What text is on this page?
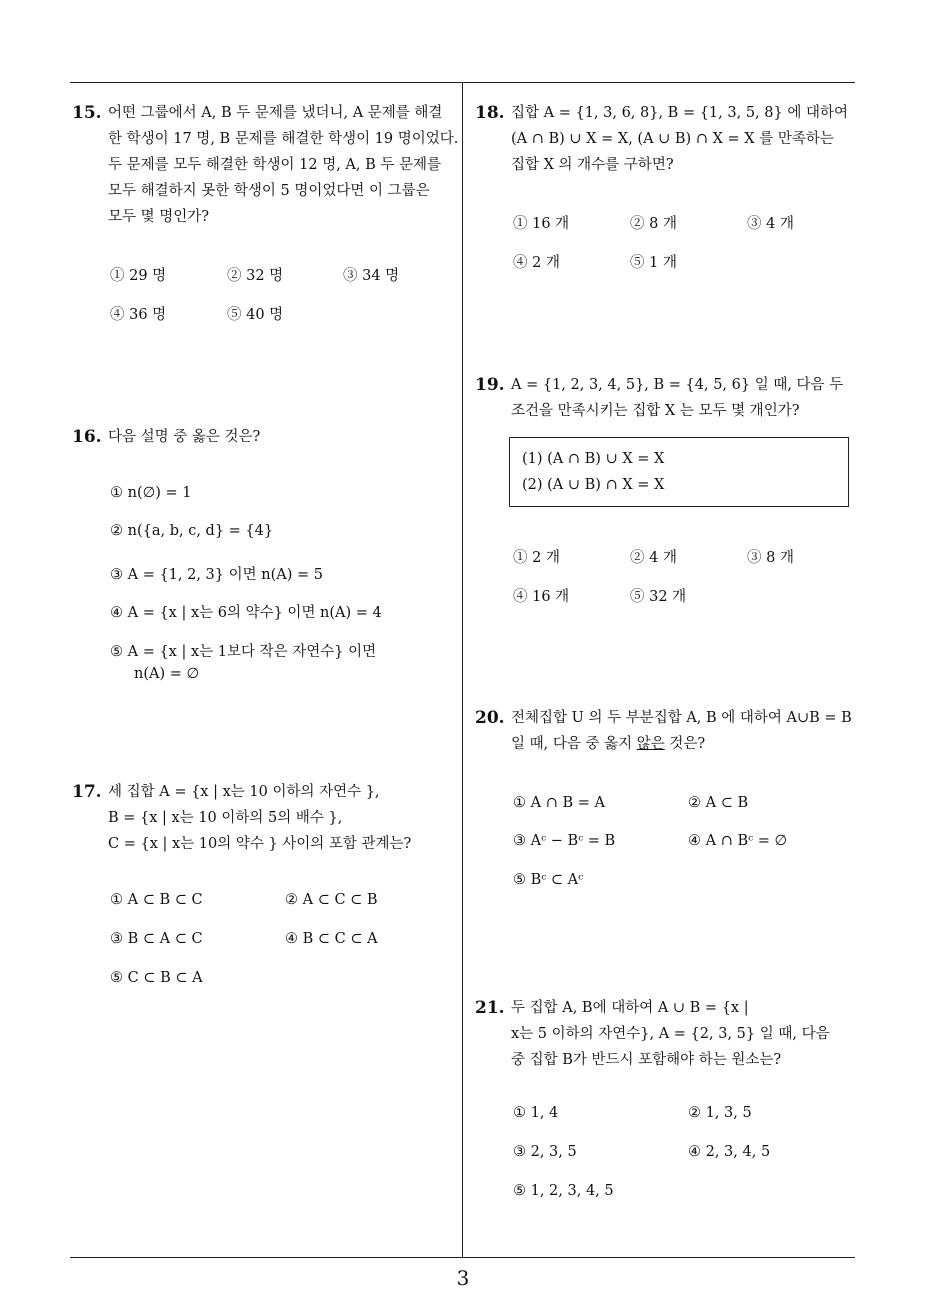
15. 어떤 그룹에서 A, B 두 문제를 냈더니, A 문제를 해결
한 학생이 17 명, B 문제를 해결한 학생이 19 명이었다.
두 문제를 모두 해결한 학생이 12 명, A, B 두 문제를
모두 해결하지 못한 학생이 5 명이었다면 이 그룹은
모두 몇 명인가?
① 29 명	② 32 명	③ 34 명
④ 36 명	⑤ 40 명
16. 다음 설명 중 옳은 것은?
① n(∅) = 1
② n({a, b, c, d} = {4}
③ A = {1, 2, 3} 이면 n(A) = 5
④ A = {x | x는 6의 약수} 이면 n(A) = 4
⑤ A = {x | x는 1보다 작은 자연수} 이면
n(A) = ∅
17. 세 집합 A = {x | x는 10 이하의 자연수 },
B = {x | x는 10 이하의 5의 배수 },
C = {x | x는 10의 약수 } 사이의 포함 관계는?
① A ⊂ B ⊂ C	② A ⊂ C ⊂ B
③ B ⊂ A ⊂ C	④ B ⊂ C ⊂ A
⑤ C ⊂ B ⊂ A
18. 집합 A = {1, 3, 6, 8}, B = {1, 3, 5, 8} 에 대하여
(A ∩ B) ∪ X = X, (A ∪ B) ∩ X = X 를 만족하는
집합 X 의 개수를 구하면?
① 16 개	② 8 개	③ 4 개
④ 2 개	⑤ 1 개
19. A = {1, 2, 3, 4, 5}, B = {4, 5, 6} 일 때, 다음 두
조건을 만족시키는 집합 X 는 모두 몇 개인가?
(1) (A ∩ B) ∪ X = X
(2) (A ∪ B) ∩ X = X
① 2 개	② 4 개	③ 8 개
④ 16 개	⑤ 32 개
20. 전체집합 U 의 두 부분집합 A, B 에 대하여 A∪B = B
일 때, 다음 중 옳지 않은 것은?
① A ∩ B = A	② A ⊂ B
③ Aᶜ − Bᶜ = B	④ A ∩ Bᶜ = ∅
⑤ Bᶜ ⊂ Aᶜ
21. 두 집합 A, B에 대하여 A ∪ B = {x |
x는 5 이하의 자연수}, A = {2, 3, 5} 일 때, 다음
중 집합 B가 반드시 포함해야 하는 원소는?
① 1, 4	② 1, 3, 5
③ 2, 3, 5	④ 2, 3, 4, 5
⑤ 1, 2, 3, 4, 5
3
